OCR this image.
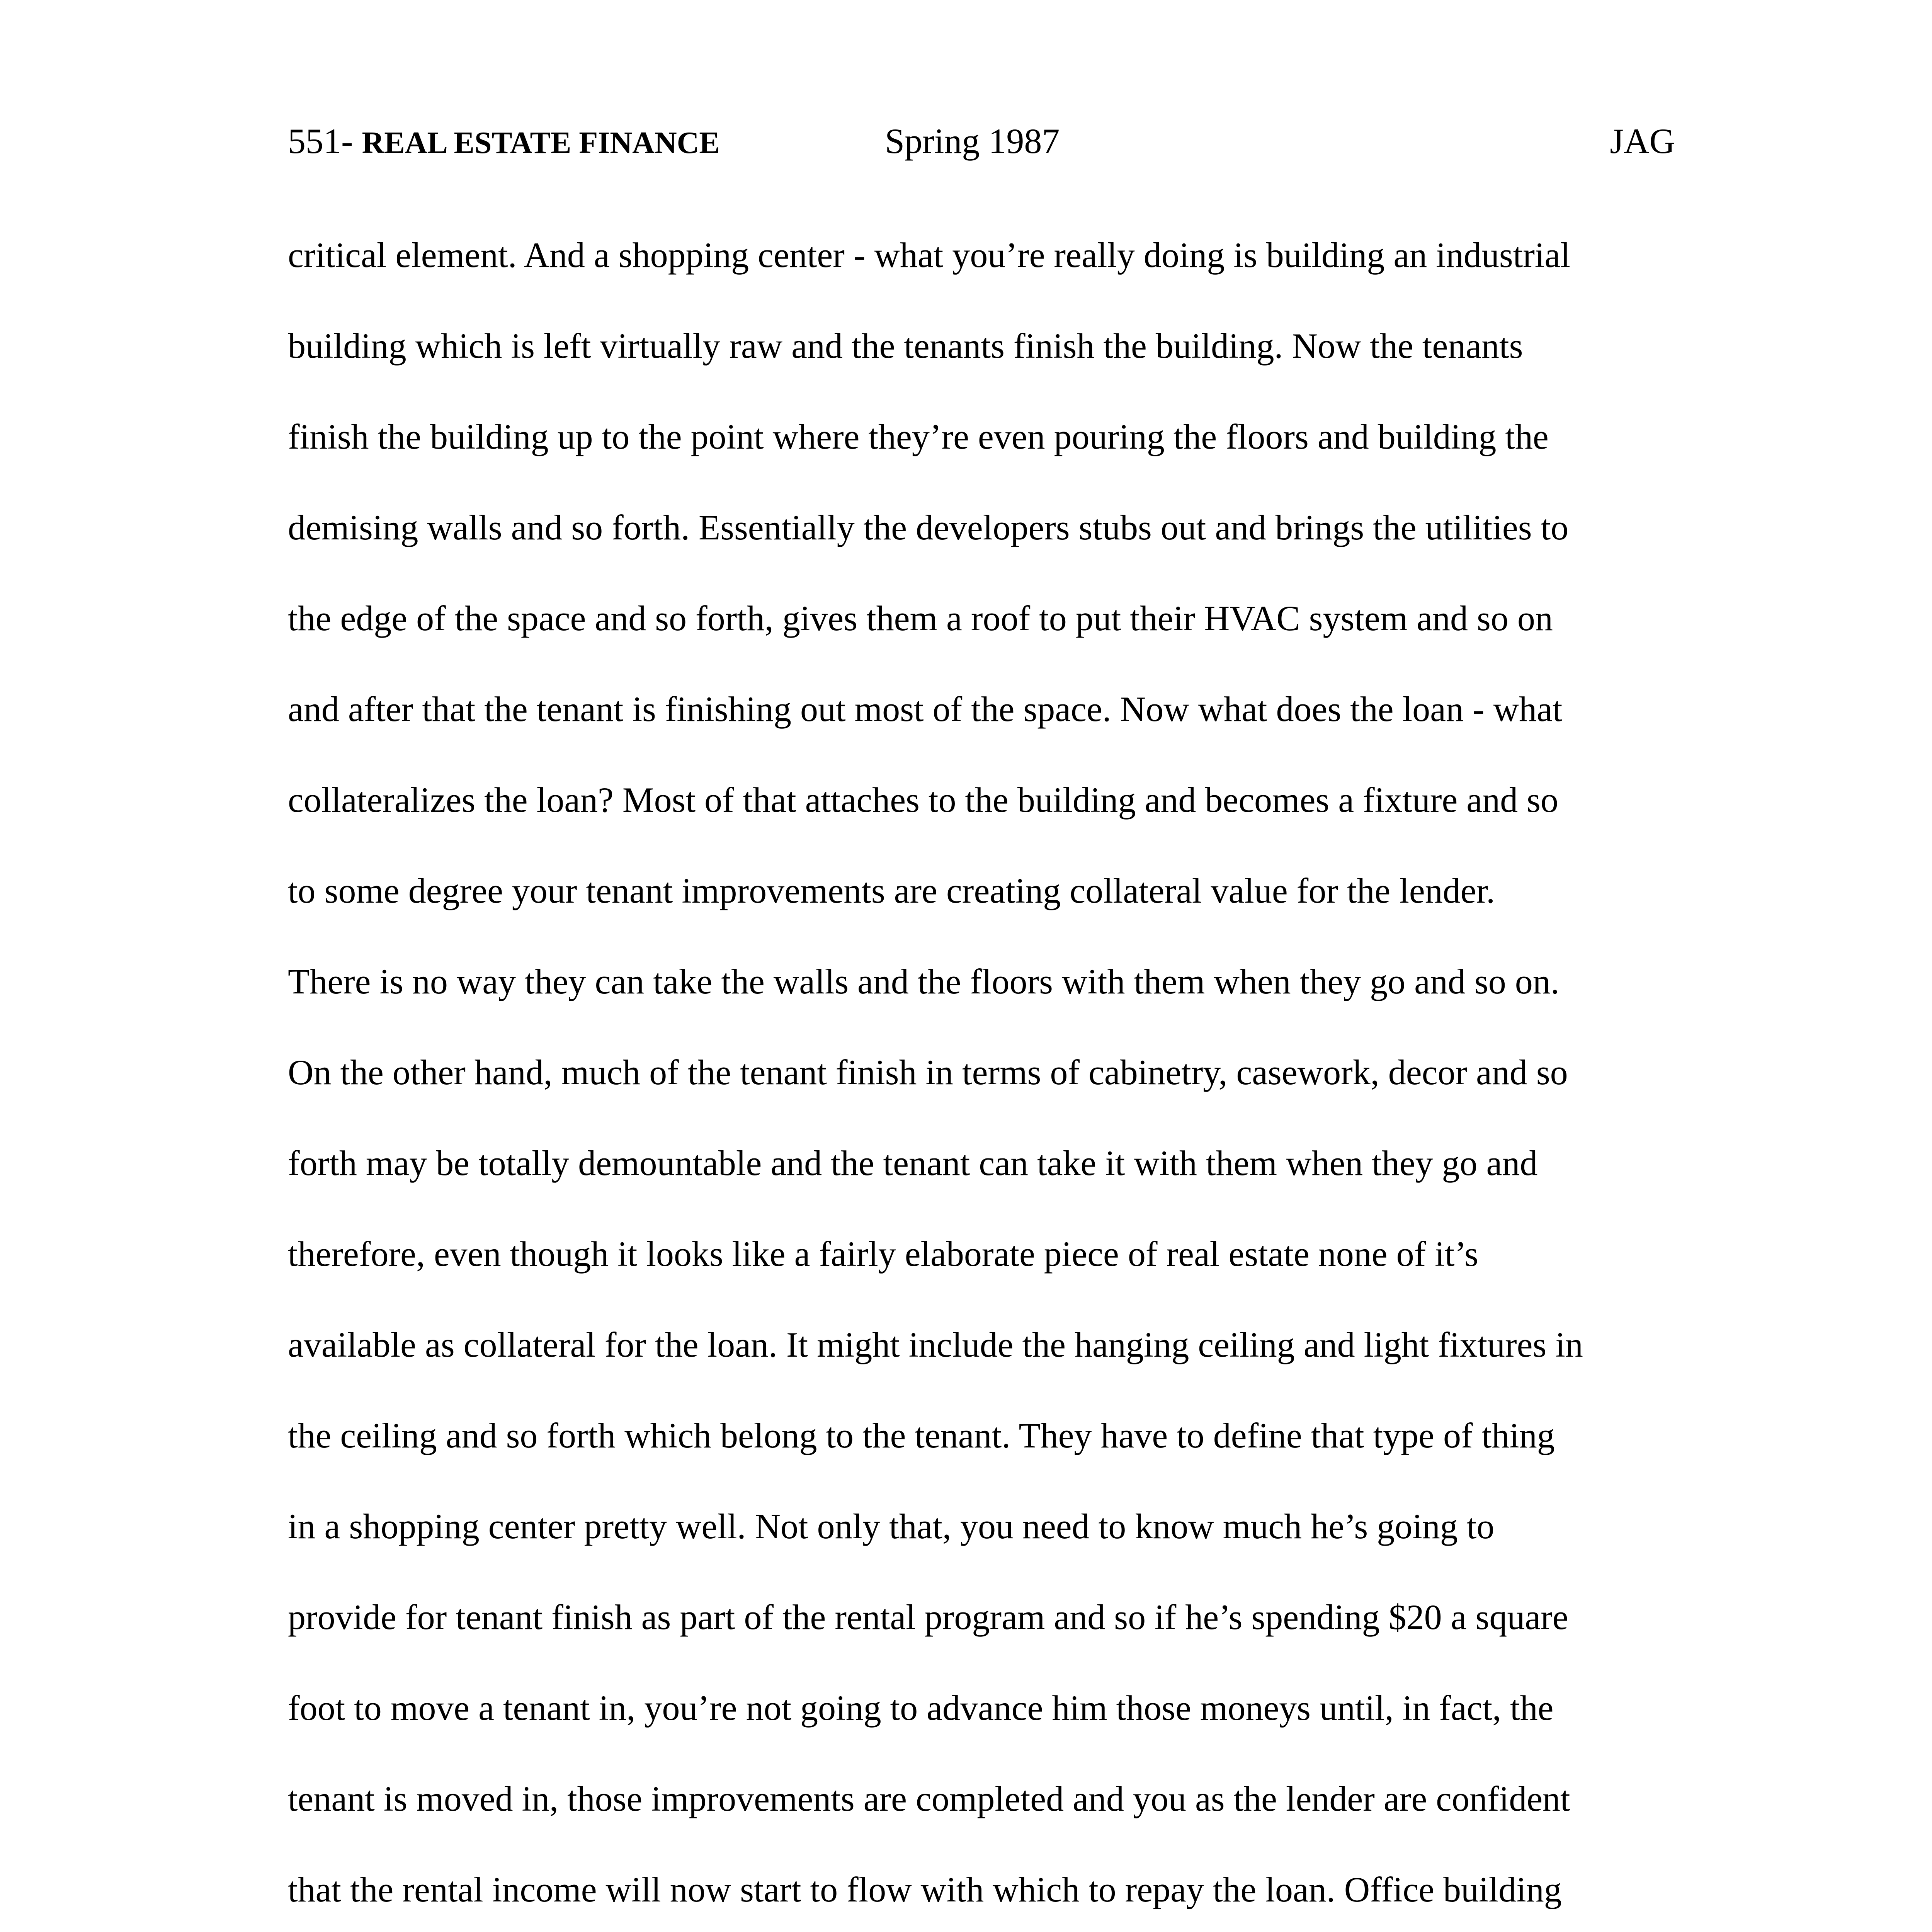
551- REAL ESTATE FINANCE	Spring 1987	JAG
critical element. And a shopping center - what you’re really doing is building an industrial
building which is left virtually raw and the tenants finish the building. Now the tenants
finish the building up to the point where they’re even pouring the floors and building the
demising walls and so forth. Essentially the developers stubs out and brings the utilities to
the edge of the space and so forth, gives them a roof to put their HVAC system and so on
and after that the tenant is finishing out most of the space. Now what does the loan - what
collateralizes the loan? Most of that attaches to the building and becomes a fixture and so
to some degree your tenant improvements are creating collateral value for the lender.
There is no way they can take the walls and the floors with them when they go and so on.
On the other hand, much of the tenant finish in terms of cabinetry, casework, decor and so
forth may be totally demountable and the tenant can take it with them when they go and
therefore, even though it looks like a fairly elaborate piece of real estate none of it’s
available as collateral for the loan. It might include the hanging ceiling and light fixtures in
the ceiling and so forth which belong to the tenant. They have to define that type of thing
in a shopping center pretty well. Not only that, you need to know much he’s going to
provide for tenant finish as part of the rental program and so if he’s spending $20 a square
foot to move a tenant in, you’re not going to advance him those moneys until, in fact, the
tenant is moved in, those improvements are completed and you as the lender are confident
that the rental income will now start to flow with which to repay the loan. Office building
